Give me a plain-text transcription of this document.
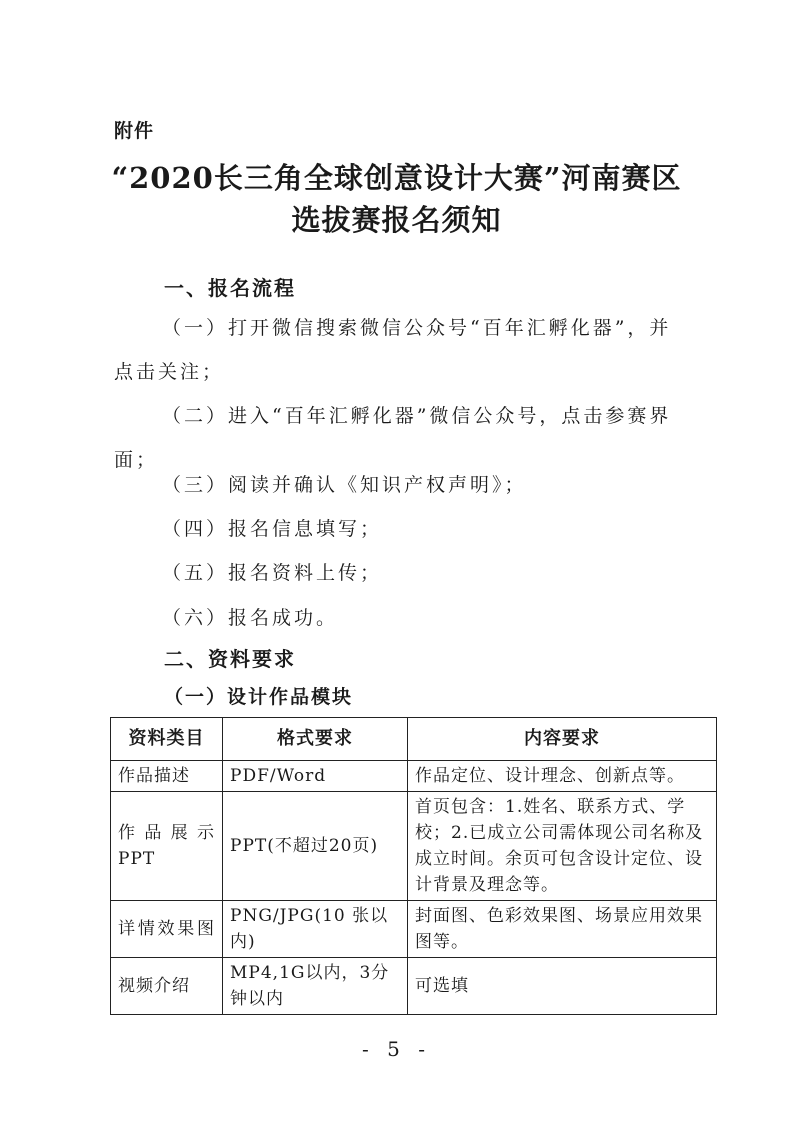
附件
“2020长三角全球创意设计大赛”河南赛区
选拔赛报名须知
一、报名流程
（一）打开微信搜索微信公众号“百年汇孵化器”，并点击关注；
（二）进入“百年汇孵化器”微信公众号，点击参赛界面；
（三）阅读并确认《知识产权声明》；
（四）报名信息填写；
（五）报名资料上传；
（六）报名成功。
二、资料要求
（一）设计作品模块
资料类目	格式要求	内容要求
作品描述	PDF/Word	作品定位、设计理念、创新点等。
作品展示PPT	PPT(不超过20页)	首页包含：1.姓名、联系方式、学校；2.已成立公司需体现公司名称及成立时间。余页可包含设计定位、设计背景及理念等。
详情效果图	PNG/JPG(10 张以内)	封面图、色彩效果图、场景应用效果图等。
视频介绍	MP4,1G以内，3分钟以内	可选填
- 5 -
